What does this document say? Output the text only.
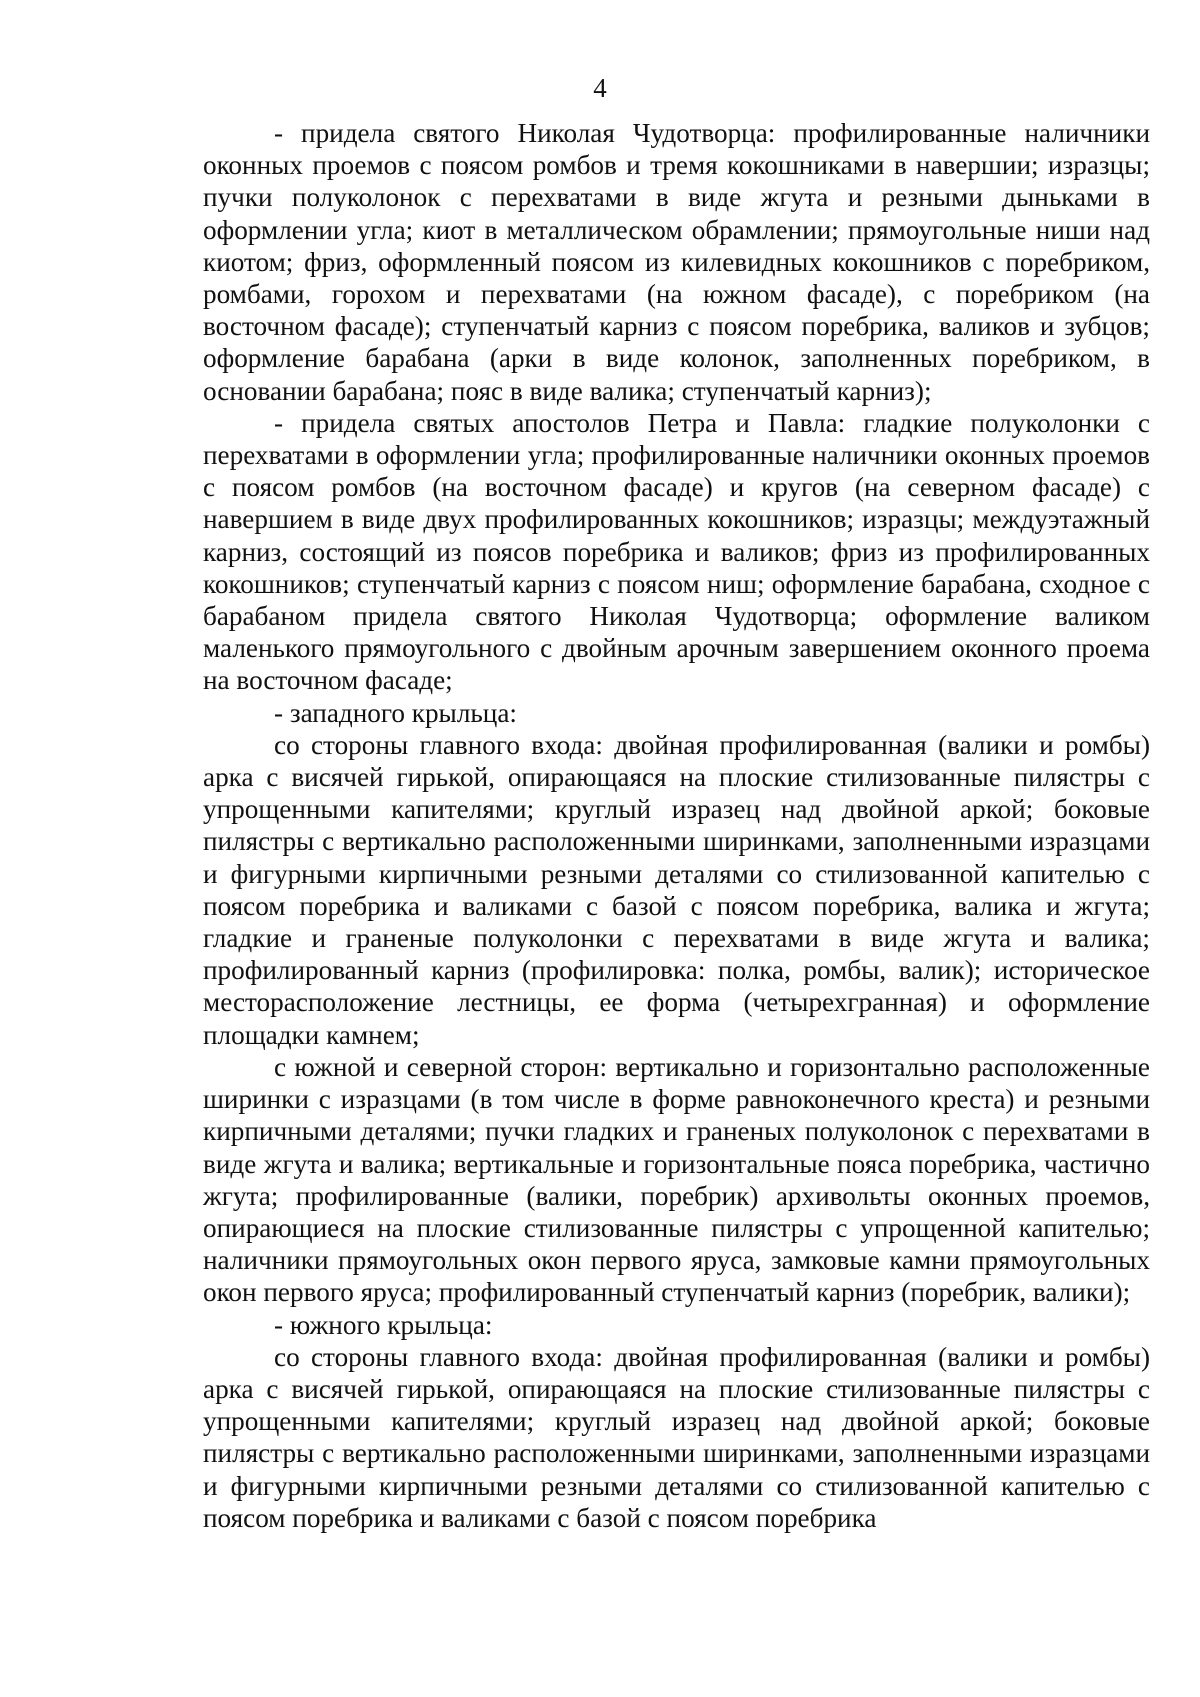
4

- придела святого Николая Чудотворца: профилированные наличники оконных проемов с поясом ромбов и тремя кокошниками в навершии; изразцы; пучки полуколонок с перехватами в виде жгута и резными дыньками в оформлении угла; киот в металлическом обрамлении; прямоугольные ниши над киотом; фриз, оформленный поясом из килевидных кокошников с поребриком, ромбами, горохом и перехватами (на южном фасаде), с поребриком (на восточном фасаде); ступенчатый карниз с поясом поребрика, валиков и зубцов; оформление барабана (арки в виде колонок, заполненных поребриком, в основании барабана; пояс в виде валика; ступенчатый карниз);

- придела святых апостолов Петра и Павла: гладкие полуколонки с перехватами в оформлении угла; профилированные наличники оконных проемов с поясом ромбов (на восточном фасаде) и кругов (на северном фасаде) с навершием в виде двух профилированных кокошников; изразцы; междуэтажный карниз, состоящий из поясов поребрика и валиков; фриз из профилированных кокошников; ступенчатый карниз с поясом ниш; оформление барабана, сходное с барабаном придела святого Николая Чудотворца; оформление валиком маленького прямоугольного с двойным арочным завершением оконного проема на восточном фасаде;

- западного крыльца:

со стороны главного входа: двойная профилированная (валики и ромбы) арка с висячей гирькой, опирающаяся на плоские стилизованные пилястры с упрощенными капителями; круглый изразец над двойной аркой; боковые пилястры с вертикально расположенными ширинками, заполненными изразцами и фигурными кирпичными резными деталями со стилизованной капителью с поясом поребрика и валиками с базой с поясом поребрика, валика и жгута; гладкие и граненые полуколонки с перехватами в виде жгута и валика; профилированный карниз (профилировка: полка, ромбы, валик); историческое месторасположение лестницы, ее форма (четырехгранная) и оформление площадки камнем;

с южной и северной сторон: вертикально и горизонтально расположенные ширинки с изразцами (в том числе в форме равноконечного креста) и резными кирпичными деталями; пучки гладких и граненых полуколонок с перехватами в виде жгута и валика; вертикальные и горизонтальные пояса поребрика, частично жгута; профилированные (валики, поребрик) архивольты оконных проемов, опирающиеся на плоские стилизованные пилястры с упрощенной капителью; наличники прямоугольных окон первого яруса, замковые камни прямоугольных окон первого яруса; профилированный ступенчатый карниз (поребрик, валики);

- южного крыльца:

со стороны главного входа: двойная профилированная (валики и ромбы) арка с висячей гирькой, опирающаяся на плоские стилизованные пилястры с упрощенными капителями; круглый изразец над двойной аркой; боковые пилястры с вертикально расположенными ширинками, заполненными изразцами и фигурными кирпичными резными деталями со стилизованной капителью с поясом поребрика и валиками с базой с поясом поребрика
